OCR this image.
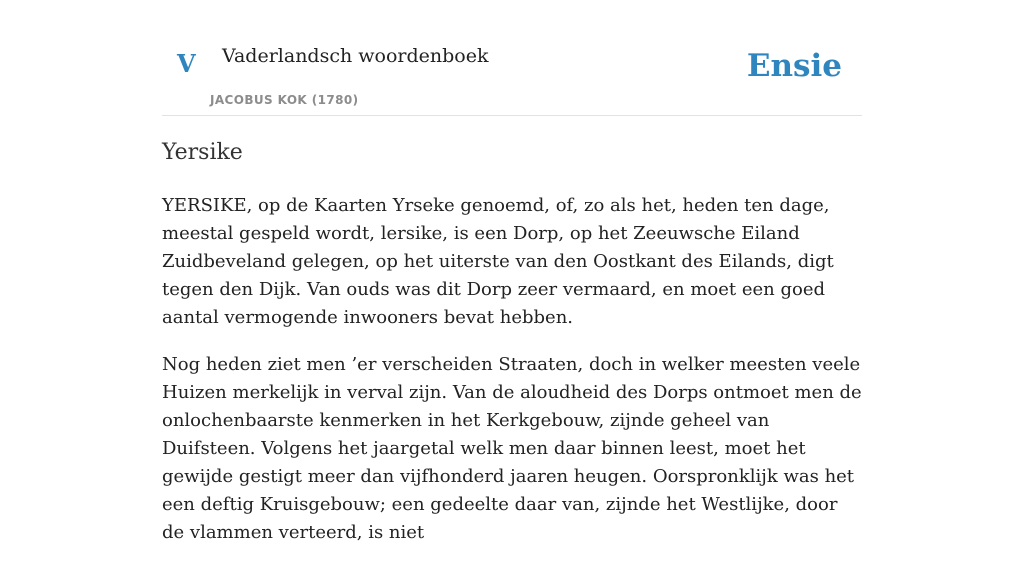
V Vaderlandsch woordenboek
JACOBUS KOK (1780)
Ensie
Yersike

YERSIKE, op de Kaarten Yrseke genoemd, of, zo als het, heden ten dage, meestal gespeld wordt, lersike, is een Dorp, op het Zeeuwsche Eiland Zuidbeveland gelegen, op het uiterste van den Oostkant des Eilands, digt tegen den Dijk. Van ouds was dit Dorp zeer vermaard, en moet een goed aantal vermogende inwooners bevat hebben.

Nog heden ziet men ’er verscheiden Straaten, doch in welker meesten veele Huizen merkelijk in verval zijn. Van de aloudheid des Dorps ontmoet men de onlochenbaarste kenmerken in het Kerkgebouw, zijnde geheel van Duifsteen. Volgens het jaargetal welk men daar binnen leest, moet het gewijde gestigt meer dan vijfhonderd jaaren heugen. Oorspronklijk was het een deftig Kruisgebouw; een gedeelte daar van, zijnde het Westlijke, door de vlammen verteerd, is niet
